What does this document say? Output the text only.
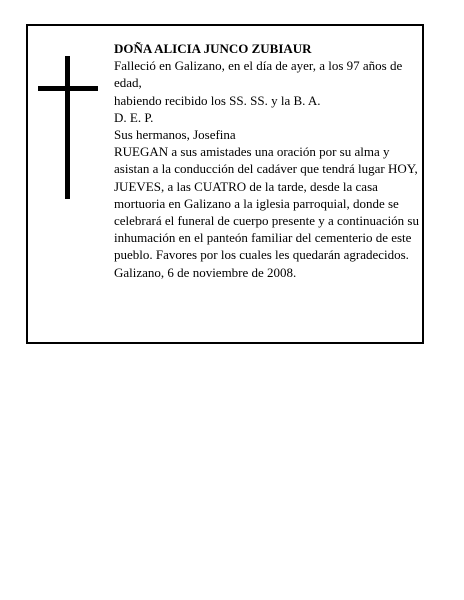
DOÑA ALICIA JUNCO ZUBIAUR

Falleció en Galizano, en el día de ayer, a los 97 años de edad,

habiendo recibido los SS. SS. y la B. A.

D. E. P.

Sus hermanos, Josefina

RUEGAN a sus amistades una oración por su alma y asistan a la conducción del cadáver que tendrá lugar HOY, JUEVES, a las CUATRO de la tarde, desde la casa mortuoria en Galizano a la iglesia parroquial, donde se celebrará el funeral de cuerpo presente y a continuación su inhumación en el panteón familiar del cementerio de este pueblo. Favores por los cuales les quedarán agradecidos.

Galizano, 6 de noviembre de 2008.
